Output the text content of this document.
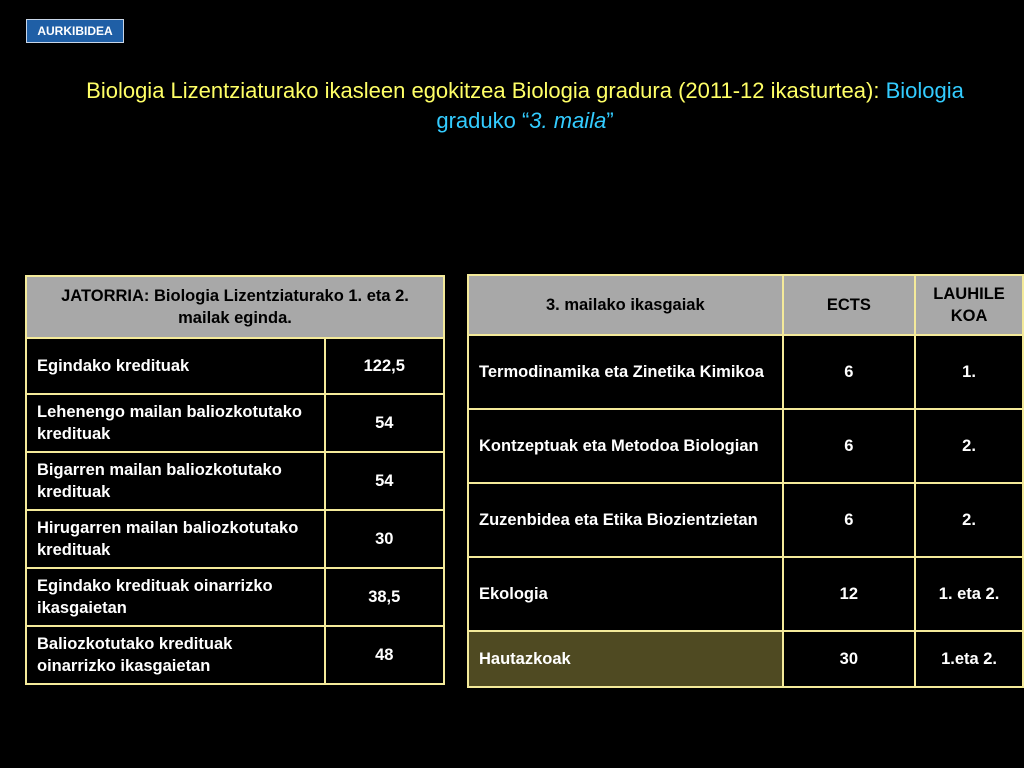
AURKIBIDEA
Biologia Lizentziaturako ikasleen egokitzea Biologia gradura (2011-12 ikasturtea): Biologia graduko “3. maila”
JATORRIA: Biologia Lizentziaturako 1. eta 2. mailak eginda.	
Egindako kredituak	122,5
Lehenengo mailan baliozkotutako kredituak	54
Bigarren mailan baliozkotutako kredituak	54
Hirugarren mailan baliozkotutako kredituak	30
Egindako kredituak oinarrizko ikasgaietan	38,5
Baliozkotutako kredituak oinarrizko ikasgaietan	48
3. mailako ikasgaiak	ECTS	LAUHILE KOA
Termodinamika eta Zinetika Kimikoa	6	1.
Kontzeptuak eta Metodoa Biologian	6	2.
Zuzenbidea eta Etika Biozientzietan	6	2.
Ekologia	12	1. eta 2.
Hautazkoak	30	1.eta 2.
